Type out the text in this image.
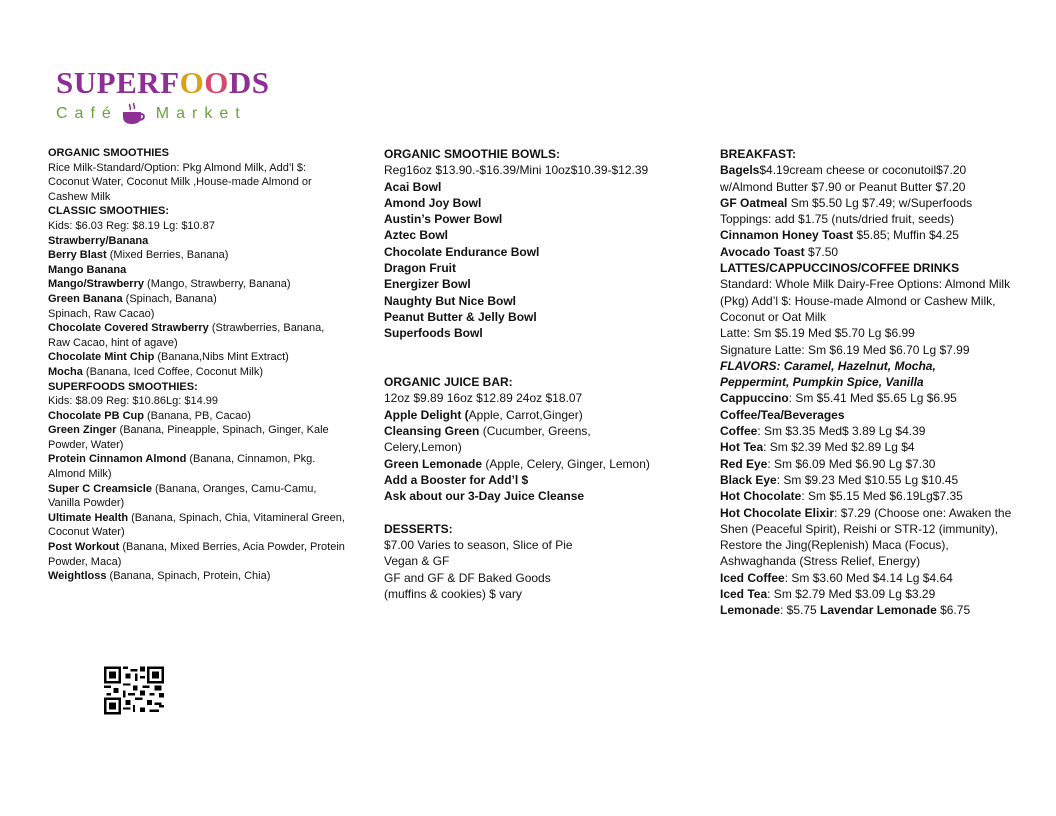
SUPERFOODS
Café Market

ORGANIC SMOOTHIES

Rice Milk-Standard/Option: Pkg Almond Milk, Add’l $: Coconut Water, Coconut Milk ,House-made Almond or Cashew Milk

CLASSIC SMOOTHIES:

Kids: $6.03 Reg: $8.19 Lg: $10.87

Strawberry/Banana

Berry Blast (Mixed Berries, Banana)

Mango Banana

Mango/Strawberry (Mango, Strawberry, Banana)

Green Banana (Spinach, Banana) Spinach, Raw Cacao)

Chocolate Covered Strawberry (Strawberries, Banana, Raw Cacao, hint of agave)

Chocolate Mint Chip (Banana,Nibs Mint Extract)

Mocha (Banana, Iced Coffee, Coconut Milk)

SUPERFOODS SMOOTHIES:

Kids: $8.09 Reg: $10.86Lg: $14.99

Chocolate PB Cup (Banana, PB, Cacao)

Green Zinger (Banana, Pineapple, Spinach, Ginger, Kale Powder, Water)

Protein Cinnamon Almond (Banana, Cinnamon, Pkg. Almond Milk)

Super C Creamsicle (Banana, Oranges, Camu-Camu, Vanilla Powder)

Ultimate Health (Banana, Spinach, Chia, Vitamineral Green, Coconut Water)

Post Workout (Banana, Mixed Berries, Acia Powder, Protein Powder, Maca)

Weightloss (Banana, Spinach, Protein, Chia)

ORGANIC SMOOTHIE BOWLS:

Reg16oz $13.90.-$16.39/Mini 10oz$10.39-$12.39

Acai Bowl

Amond Joy Bowl

Austin’s Power Bowl

Aztec Bowl

Chocolate Endurance Bowl

Dragon Fruit

Energizer Bowl

Naughty But Nice Bowl

Peanut Butter & Jelly Bowl

Superfoods Bowl

ORGANIC JUICE BAR:

12oz $9.89 16oz $12.89 24oz $18.07

Apple Delight (Apple, Carrot,Ginger)

Cleansing Green (Cucumber, Greens, Celery,Lemon)

Green Lemonade (Apple, Celery, Ginger, Lemon)

Add a Booster for Add’l $

Ask about our 3-Day Juice Cleanse

DESSERTS:

$7.00 Varies to season, Slice of Pie

Vegan & GF

GF and GF & DF Baked Goods

(muffins & cookies) $ vary

BREAKFAST:

Bagels$4.19cream cheese or coconutoil$7.20 w/Almond Butter $7.90 or Peanut Butter $7.20

GF Oatmeal Sm $5.50 Lg $7.49; w/Superfoods Toppings: add $1.75 (nuts/dried fruit, seeds)

Cinnamon Honey Toast $5.85; Muffin $4.25

Avocado Toast $7.50

LATTES/CAPPUCCINOS/COFFEE DRINKS

Standard: Whole Milk Dairy-Free Options: Almond Milk (Pkg) Add’l $: House-made Almond or Cashew Milk, Coconut or Oat Milk

Latte: Sm $5.19 Med $5.70 Lg $6.99

Signature Latte: Sm $6.19 Med $6.70 Lg $7.99

FLAVORS: Caramel, Hazelnut, Mocha, Peppermint, Pumpkin Spice, Vanilla

Cappuccino: Sm $5.41 Med $5.65 Lg $6.95

Coffee/Tea/Beverages

Coffee: Sm $3.35 Med$ 3.89 Lg $4.39

Hot Tea: Sm $2.39 Med $2.89 Lg $4

Red Eye: Sm $6.09 Med $6.90 Lg $7.30

Black Eye: Sm $9.23 Med $10.55 Lg $10.45

Hot Chocolate: Sm $5.15 Med $6.19Lg$7.35

Hot Chocolate Elixir: $7.29 (Choose one: Awaken the Shen (Peaceful Spirit), Reishi or STR-12 (immunity), Restore the Jing(Replenish) Maca (Focus), Ashwaghanda (Stress Relief, Energy)

Iced Coffee: Sm $3.60 Med $4.14 Lg $4.64

Iced Tea: Sm $2.79 Med $3.09 Lg $3.29

Lemonade: $5.75 Lavendar Lemonade $6.75
